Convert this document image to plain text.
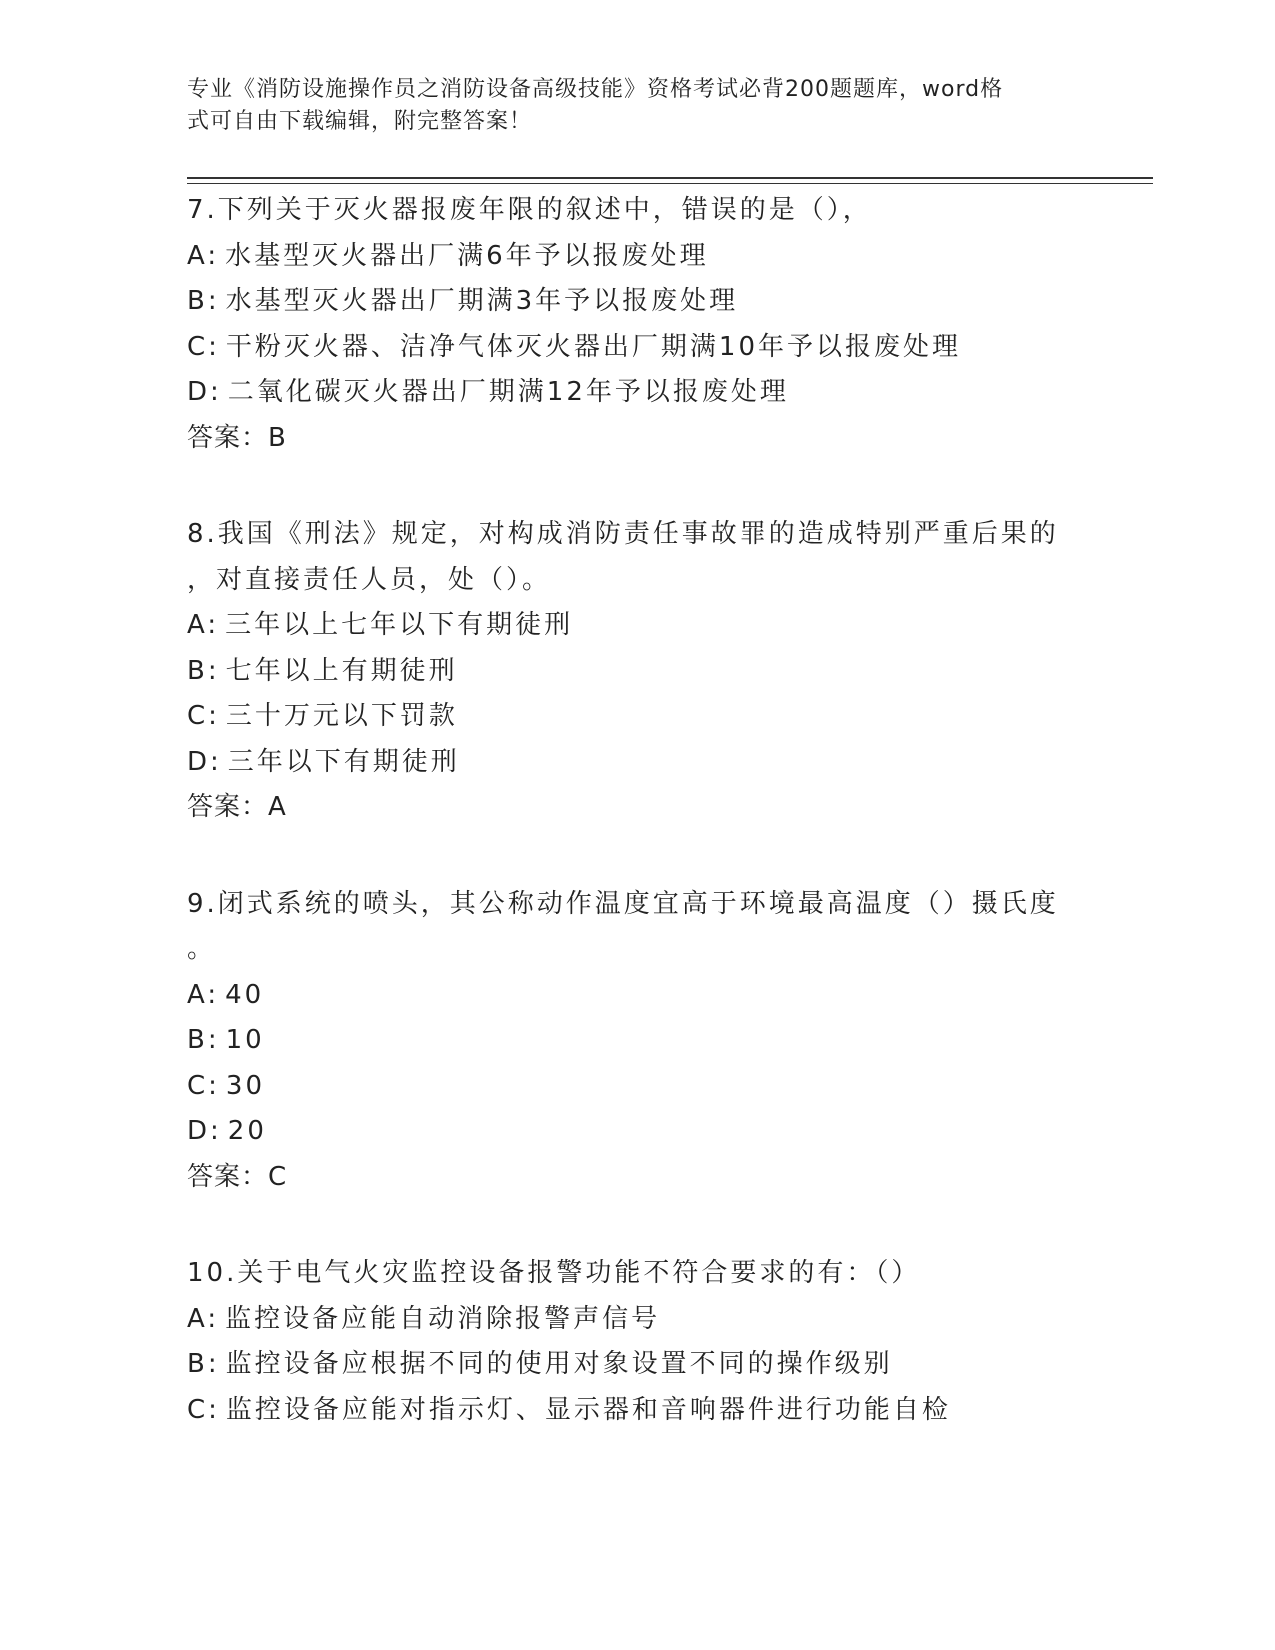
专业《消防设施操作员之消防设备高级技能》资格考试必背200题题库，word格
式可自由下载编辑，附完整答案！
7.下列关于灭火器报废年限的叙述中，错误的是（），
A: 水基型灭火器出厂满6年予以报废处理
B: 水基型灭火器出厂期满3年予以报废处理
C: 干粉灭火器、洁净气体灭火器出厂期满10年予以报废处理
D: 二氧化碳灭火器出厂期满12年予以报废处理
答案：B
8.我国《刑法》规定，对构成消防责任事故罪的造成特别严重后果的
，对直接责任人员，处（）。
A: 三年以上七年以下有期徒刑
B: 七年以上有期徒刑
C: 三十万元以下罚款
D: 三年以下有期徒刑
答案：A
9.闭式系统的喷头，其公称动作温度宜高于环境最高温度（）摄氏度
。
A: 40
B: 10
C: 30
D: 20
答案：C
10.关于电气火灾监控设备报警功能不符合要求的有：（）
A: 监控设备应能自动消除报警声信号
B: 监控设备应根据不同的使用对象设置不同的操作级别
C: 监控设备应能对指示灯、显示器和音响器件进行功能自检
